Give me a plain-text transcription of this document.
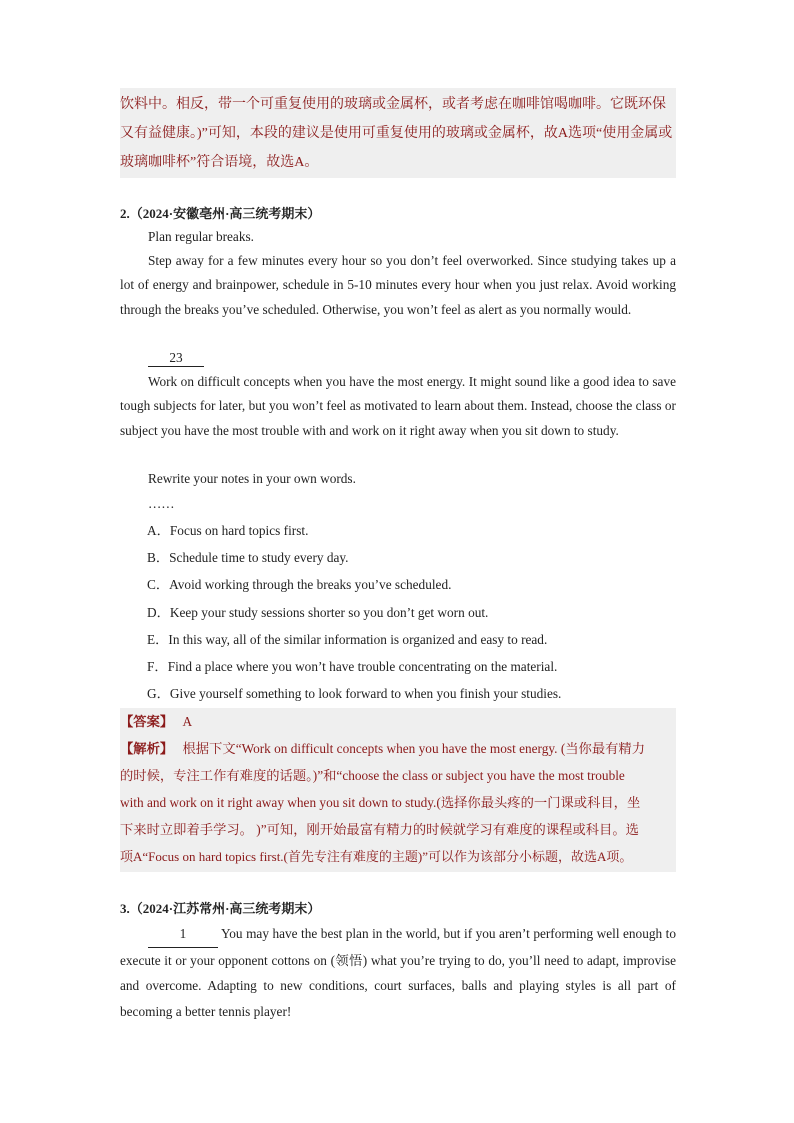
饮料中。相反，带一个可重复使用的玻璃或金属杯，或者考虑在咖啡馆喝咖啡。它既环保又有益健康。)”可知，本段的建议是使用可重复使用的玻璃或金属杯，故A选项“使用金属或玻璃咖啡杯”符合语境，故选A。

2.（2024·安徽亳州·高三统考期末）
Plan regular breaks.
Step away for a few minutes every hour so you don’t feel overworked. Since studying takes up a lot of energy and brainpower, schedule in 5-10 minutes every hour when you just relax. Avoid working through the breaks you’ve scheduled. Otherwise, you won’t feel as alert as you normally would.
23
Work on difficult concepts when you have the most energy. It might sound like a good idea to save tough subjects for later, but you won’t feel as motivated to learn about them. Instead, choose the class or subject you have the most trouble with and work on it right away when you sit down to study.
Rewrite your notes in your own words.
……
A．Focus on hard topics first.
B．Schedule time to study every day.
C．Avoid working through the breaks you’ve scheduled.
D．Keep your study sessions shorter so you don’t get worn out.
E．In this way, all of the similar information is organized and easy to read.
F．Find a place where you won’t have trouble concentrating on the material.
G．Give yourself something to look forward to when you finish your studies.
【答案】 A
【解析】 根据下文“Work on difficult concepts when you have the most energy. (当你最有精力
的时候，专注工作有难度的话题。)”和“choose the class or subject you have the most trouble
with and work on it right away when you sit down to study.(选择你最头疼的一门课或科目，坐
下来时立即着手学习。 )”可知，刚开始最富有精力的时候就学习有难度的课程或科目。选
项A“Focus on hard topics first.(首先专注有难度的主题)”可以作为该部分小标题，故选A项。
3.（2024·江苏常州·高三统考期末）
1	You may have the best plan in the world, but if you aren’t performing well enough to execute it or your opponent cottons on (领悟) what you’re trying to do, you’ll need to adapt, improvise and overcome. Adapting to new conditions, court surfaces, balls and playing styles is all part of becoming a better tennis player!
